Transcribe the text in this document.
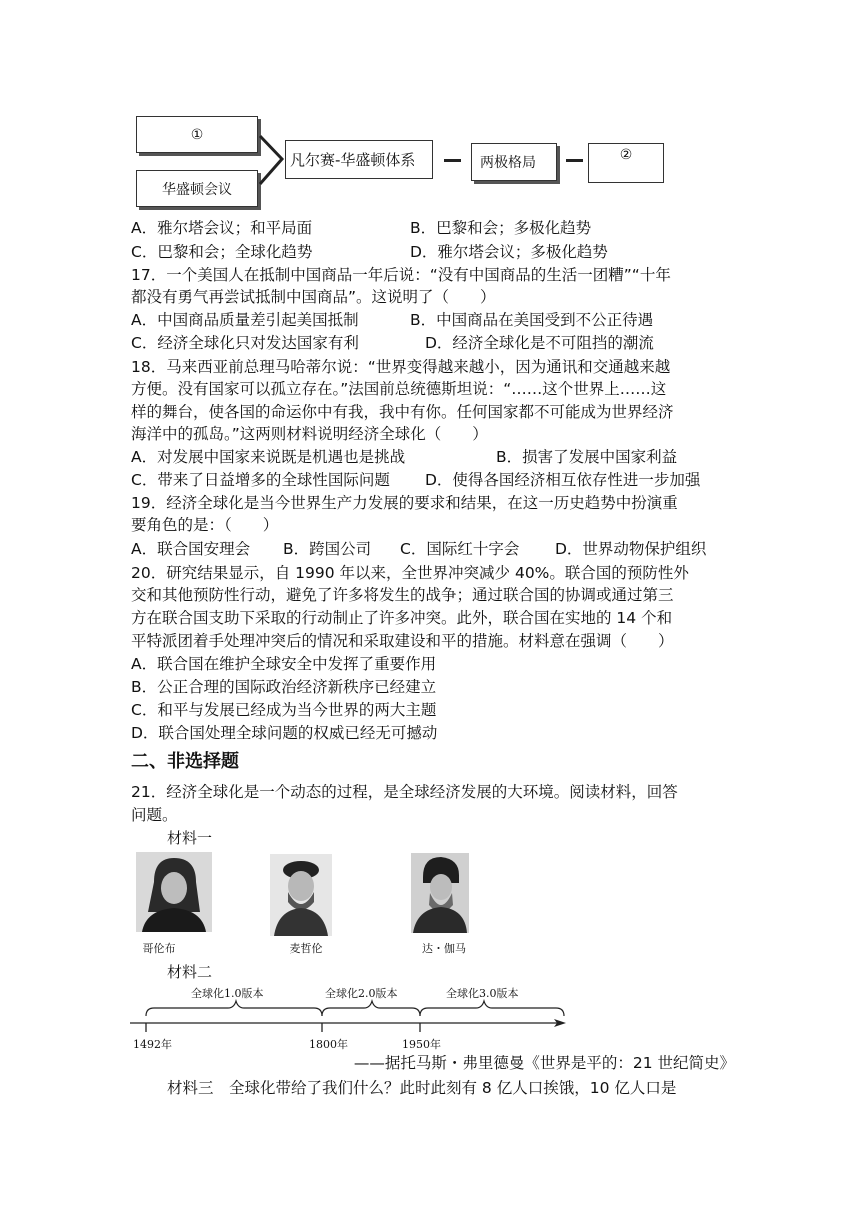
①
华盛顿会议
凡尔赛-华盛顿体系	两极格局	②
A．雅尔塔会议；和平局面	B．巴黎和会；多极化趋势
C．巴黎和会；全球化趋势	D．雅尔塔会议；多极化趋势
17．一个美国人在抵制中国商品一年后说：“没有中国商品的生活一团糟”“十年
都没有勇气再尝试抵制中国商品”。这说明了（　　）
A．中国商品质量差引起美国抵制	B．中国商品在美国受到不公正待遇
C．经济全球化只对发达国家有利	D．经济全球化是不可阻挡的潮流
18．马来西亚前总理马哈蒂尔说：“世界变得越来越小，因为通讯和交通越来越
方便。没有国家可以孤立存在。”法国前总统德斯坦说：“……这个世界上……这
样的舞台，使各国的命运你中有我，我中有你。任何国家都不可能成为世界经济
海洋中的孤岛。”这两则材料说明经济全球化（　　）
A．对发展中国家来说既是机遇也是挑战	B．损害了发展中国家利益
C．带来了日益增多的全球性国际问题 D．使得各国经济相互依存性进一步加强
19．经济全球化是当今世界生产力发展的要求和结果，在这一历史趋势中扮演重
要角色的是：（　　）
A．联合国安理会 B．跨国公司 C．国际红十字会 D．世界动物保护组织
20．研究结果显示，自 1990 年以来，全世界冲突减少 40%。联合国的预防性外
交和其他预防性行动，避免了许多将发生的战争；通过联合国的协调或通过第三
方在联合国支助下采取的行动制止了许多冲突。此外，联合国在实地的 14 个和
平特派团着手处理冲突后的情况和采取建设和平的措施。材料意在强调（　　）
A．联合国在维护全球安全中发挥了重要作用
B．公正合理的国际政治经济新秩序已经建立
C．和平与发展已经成为当今世界的两大主题
D．联合国处理全球问题的权威已经无可撼动
二、非选择题
21．经济全球化是一个动态的过程，是全球经济发展的大环境。阅读材料，回答
问题。
材料一
哥伦布	麦哲伦	达・伽马
材料二
全球化1.0版本	全球化2.0版本	全球化3.0版本
1492年	1800年	1950年
——据托马斯・弗里德曼《世界是平的：21 世纪简史》
材料三　全球化带给了我们什么？此时此刻有 8 亿人口挨饿，10 亿人口是
